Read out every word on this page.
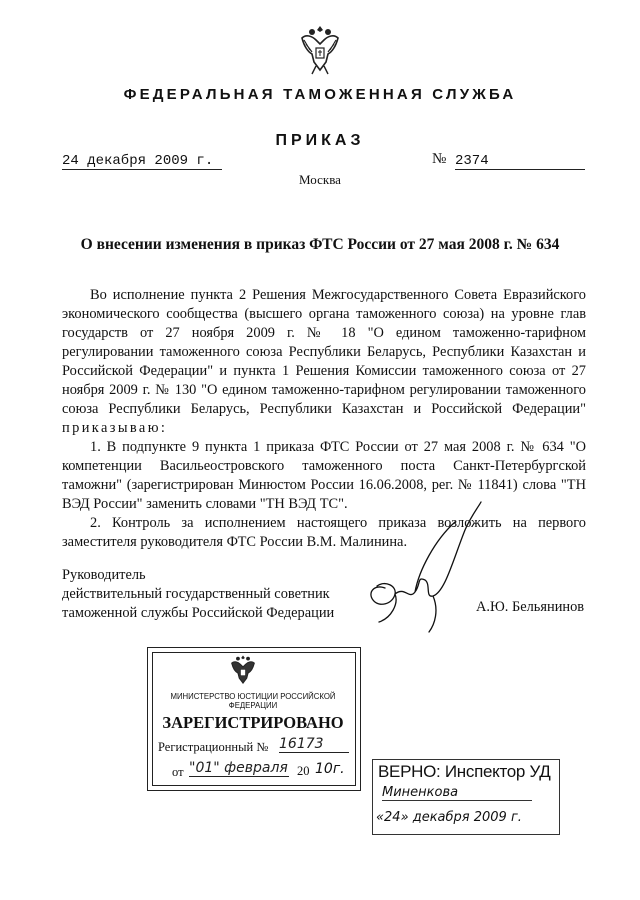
ФЕДЕРАЛЬНАЯ ТАМОЖЕННАЯ СЛУЖБА
ПРИКАЗ
24 декабря 2009 г.	№ 2374
Москва
О внесении изменения в приказ ФТС России от 27 мая 2008 г. № 634

Во исполнение пункта 2 Решения Межгосударственного Совета Евразийского экономического сообщества (высшего органа таможенного союза) на уровне глав государств от 27 ноября 2009 г. № 18 "О едином таможенно-тарифном регулировании таможенного союза Республики Беларусь, Республики Казахстан и Российской Федерации" и пункта 1 Решения Комиссии таможенного союза от 27 ноября 2009 г. № 130 "О едином таможенно-тарифном регулировании таможенного союза Республики Беларусь, Республики Казахстан и Российской Федерации" приказываю:

1. В подпункте 9 пункта 1 приказа ФТС России от 27 мая 2008 г. № 634 "О компетенции Васильеостровского таможенного поста Санкт-Петербургской таможни" (зарегистрирован Минюстом России 16.06.2008, рег. № 11841) слова "ТН ВЭД России" заменить словами "ТН ВЭД ТС".

2. Контроль за исполнением настоящего приказа возложить на первого заместителя руководителя ФТС России В.М. Малинина.

Руководитель
действительный государственный советник
таможенной службы Российской Федерации	А.Ю. Бельянинов
МИНИСТЕРСТВО ЮСТИЦИИ РОССИЙСКОЙ ФЕДЕРАЦИИ
ЗАРЕГИСТРИРОВАНО
Регистрационный № 16173
от "01" февраля 20 10г. ВЕРНО: Инспектор УД
Миненкова
«24» декабря 2009 г.
